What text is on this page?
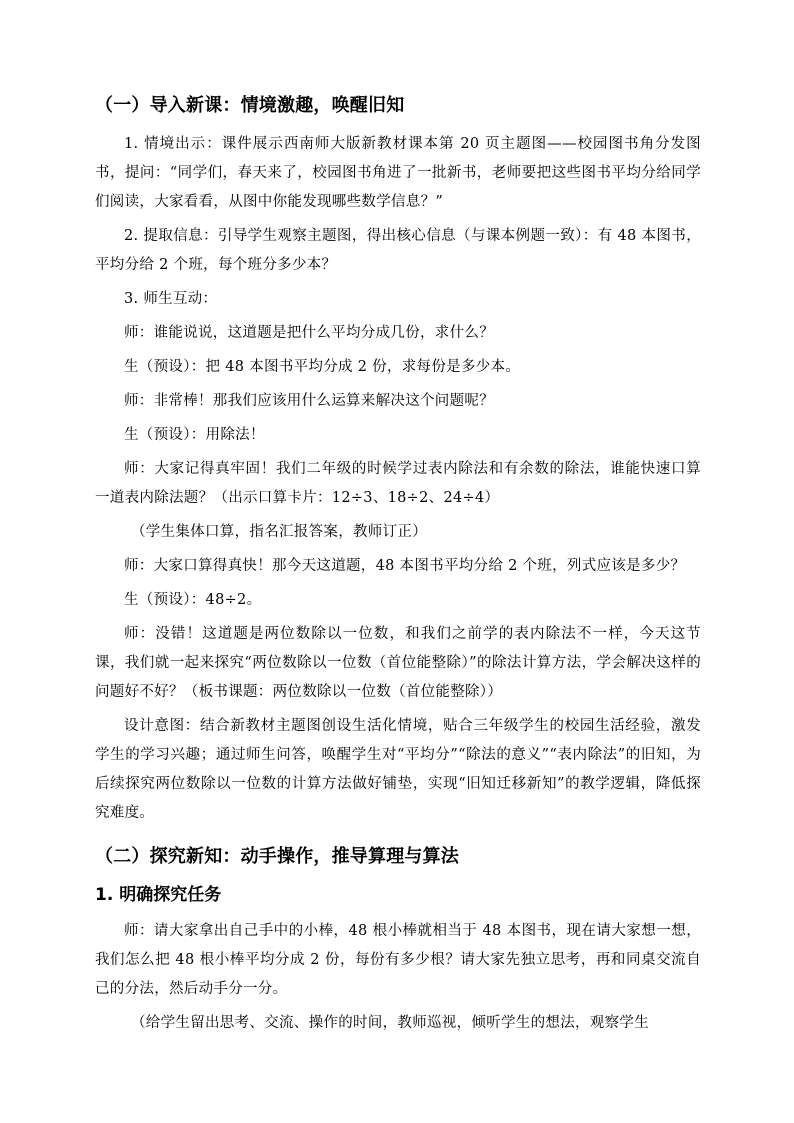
（一）导入新课：情境激趣，唤醒旧知

1. 情境出示：课件展示西南师大版新教材课本第 20 页主题图——校园图书角分发图书，提问：“同学们，春天来了，校园图书角进了一批新书，老师要把这些图书平均分给同学们阅读，大家看看，从图中你能发现哪些数学信息？”

2. 提取信息：引导学生观察主题图，得出核心信息（与课本例题一致）：有 48 本图书，平均分给 2 个班，每个班分多少本？

3. 师生互动：

师：谁能说说，这道题是把什么平均分成几份，求什么？

生（预设）：把 48 本图书平均分成 2 份，求每份是多少本。

师：非常棒！那我们应该用什么运算来解决这个问题呢？

生（预设）：用除法！

师：大家记得真牢固！我们二年级的时候学过表内除法和有余数的除法，谁能快速口算一道表内除法题？（出示口算卡片：12÷3、18÷2、24÷4）

（学生集体口算，指名汇报答案，教师订正）

师：大家口算得真快！那今天这道题，48 本图书平均分给 2 个班，列式应该是多少？

生（预设）：48÷2。

师：没错！这道题是两位数除以一位数，和我们之前学的表内除法不一样，今天这节课，我们就一起来探究“两位数除以一位数（首位能整除）”的除法计算方法，学会解决这样的问题好不好？（板书课题：两位数除以一位数（首位能整除））

设计意图：结合新教材主题图创设生活化情境，贴合三年级学生的校园生活经验，激发学生的学习兴趣；通过师生问答，唤醒学生对“平均分”“除法的意义”“表内除法”的旧知，为后续探究两位数除以一位数的计算方法做好铺垫，实现“旧知迁移新知”的教学逻辑，降低探究难度。

（二）探究新知：动手操作，推导算理与算法
1. 明确探究任务

师：请大家拿出自己手中的小棒，48 根小棒就相当于 48 本图书，现在请大家想一想，我们怎么把 48 根小棒平均分成 2 份，每份有多少根？请大家先独立思考，再和同桌交流自己的分法，然后动手分一分。

（给学生留出思考、交流、操作的时间，教师巡视，倾听学生的想法，观察学生
